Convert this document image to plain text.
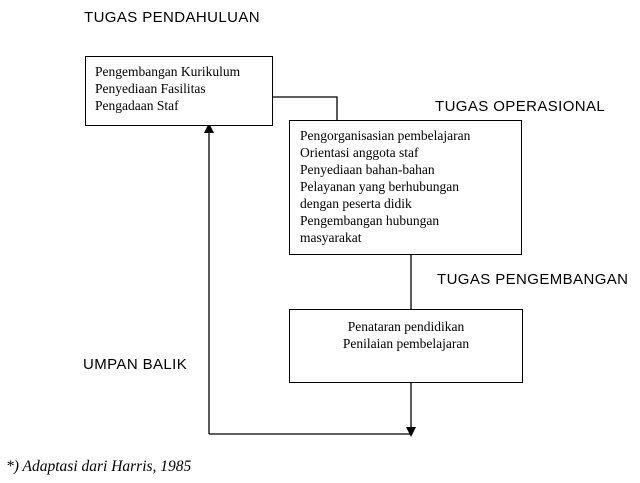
TUGAS PENDAHULUAN
Pengembangan Kurikulum
Penyediaan Fasilitas
Pengadaan Staf	TUGAS OPERASIONAL
Pengorganisasian pembelajaran
Orientasi anggota staf
Penyediaan bahan-bahan
Pelayanan yang berhubungan
dengan peserta didik
Pengembangan hubungan
masyarakat
TUGAS PENGEMBANGAN
Penataran pendidikan
Penilaian pembelajaran
UMPAN BALIK
*) Adaptasi dari Harris, 1985
